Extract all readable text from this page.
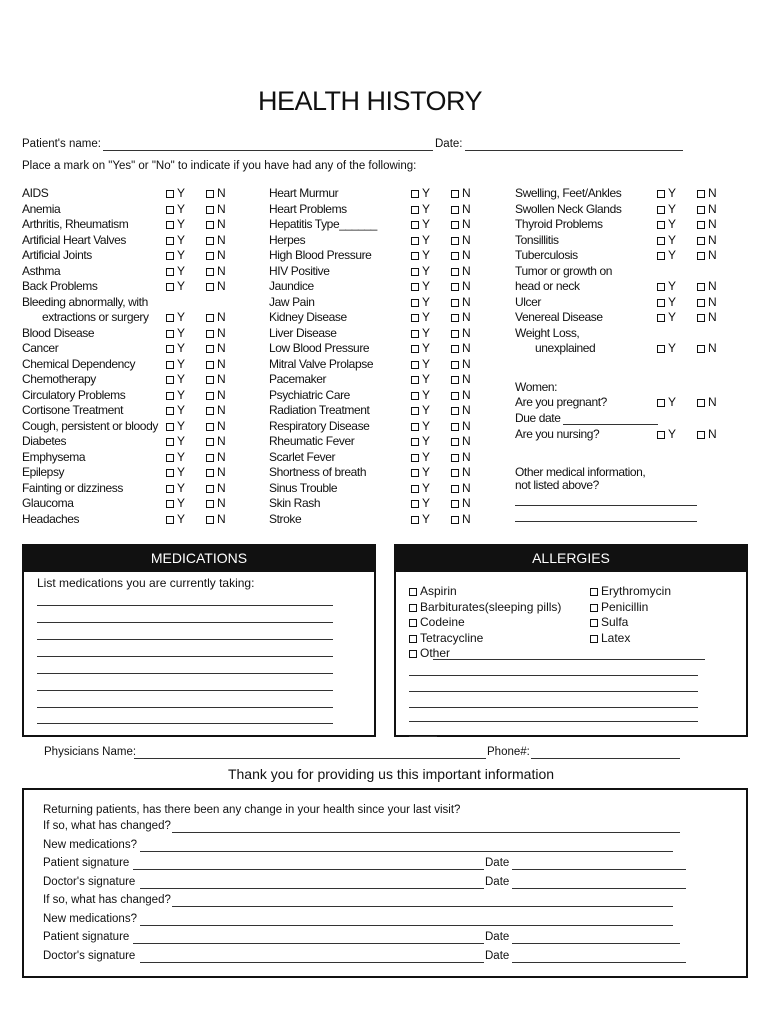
HEALTH HISTORY
Patient's name:	Date:
Place a mark on "Yes" or "No" to indicate if you have had any of the following:
AIDS	Y	N
Anemia	Y	N
Arthritis, Rheumatism	Y	N
Artificial Heart Valves	Y	N
Artificial Joints	Y	N
Asthma	Y	N
Back Problems	Y	N
Bleeding abnormally, with
extractions or surgery	Y	N
Blood Disease	Y	N
Cancer	Y	N
Chemical Dependency	Y	N
Chemotherapy	Y	N
Circulatory Problems	Y	N
Cortisone Treatment	Y	N
Cough, persistent or bloody	Y	N
Diabetes	Y	N
Emphysema	Y	N
Epilepsy	Y	N
Fainting or dizziness	Y	N
Glaucoma	Y	N
Headaches	Y	N
Heart Murmur	Y	N
Heart Problems	Y	N
Hepatitis Type______	Y	N
Herpes	Y	N
High Blood Pressure	Y	N
HIV Positive	Y	N
Jaundice	Y	N
Jaw Pain	Y	N
Kidney Disease	Y	N
Liver Disease	Y	N
Low Blood Pressure	Y	N
Mitral Valve Prolapse	Y	N
Pacemaker	Y	N
Psychiatric Care	Y	N
Radiation Treatment	Y	N
Respiratory Disease	Y	N
Rheumatic Fever	Y	N
Scarlet Fever	Y	N
Shortness of breath	Y	N
Sinus Trouble	Y	N
Skin Rash	Y	N
Stroke	Y	N
Swelling, Feet/Ankles	Y	N
Swollen Neck Glands	Y	N
Thyroid Problems	Y	N
Tonsillitis	Y	N
Tuberculosis	Y	N
Tumor or growth on
head or neck	Y	N
Ulcer	Y	N
Venereal Disease	Y	N
Weight Loss,
unexplained	Y	N
Women:
Are you pregnant?	Y	N
Due date
Are you nursing?	Y	N
Other medical information,
not listed above?
MEDICATIONS
List medications you are currently taking:
ALLERGIES
Aspirin
Barbiturates(sleeping pills)
Codeine
Tetracycline
Other
Erythromycin
Penicillin
Sulfa
Latex
Physicians Name:	Phone#:
Thank you for providing us this important information
Returning patients, has there been any change in your health since your last visit?
If so, what has changed?
New medications?
Patient signature	Date
Doctor's signature	Date
If so, what has changed?
New medications?
Patient signature	Date
Doctor's signature	Date
